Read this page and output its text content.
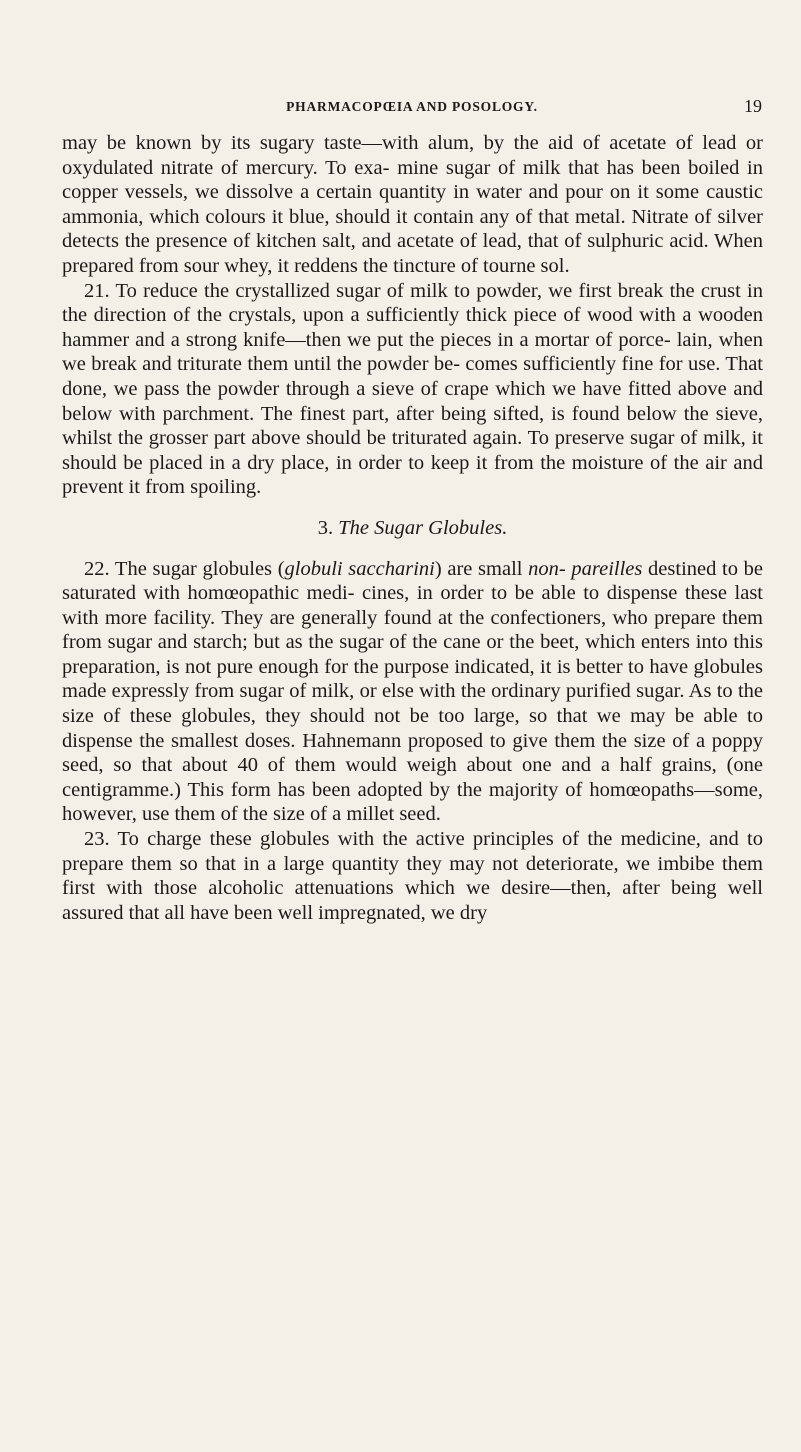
PHARMACOPŒIA AND POSOLOGY.	19

may be known by its sugary taste—with alum, by the aid of acetate of lead or oxydulated nitrate of mercury. To exa- mine sugar of milk that has been boiled in copper vessels, we dissolve a certain quantity in water and pour on it some caustic ammonia, which colours it blue, should it contain any of that metal. Nitrate of silver detects the presence of kitchen salt, and acetate of lead, that of sulphuric acid. When prepared from sour whey, it reddens the tincture of tourne sol.

21. To reduce the crystallized sugar of milk to powder, we first break the crust in the direction of the crystals, upon a sufficiently thick piece of wood with a wooden hammer and a strong knife—then we put the pieces in a mortar of porce- lain, when we break and triturate them until the powder be- comes sufficiently fine for use. That done, we pass the powder through a sieve of crape which we have fitted above and below with parchment. The finest part, after being sifted, is found below the sieve, whilst the grosser part above should be triturated again. To preserve sugar of milk, it should be placed in a dry place, in order to keep it from the moisture of the air and prevent it from spoiling.

3. The Sugar Globules.

22. The sugar globules (globuli saccharini) are small non- pareilles destined to be saturated with homœopathic medi- cines, in order to be able to dispense these last with more facility. They are generally found at the confectioners, who prepare them from sugar and starch; but as the sugar of the cane or the beet, which enters into this preparation, is not pure enough for the purpose indicated, it is better to have globules made expressly from sugar of milk, or else with the ordinary purified sugar. As to the size of these globules, they should not be too large, so that we may be able to dispense the smallest doses. Hahnemann proposed to give them the size of a poppy seed, so that about 40 of them would weigh about one and a half grains, (one centigramme.) This form has been adopted by the majority of homœopaths—some, however, use them of the size of a millet seed.

23. To charge these globules with the active principles of the medicine, and to prepare them so that in a large quantity they may not deteriorate, we imbibe them first with those alcoholic attenuations which we desire—then, after being well assured that all have been well impregnated, we dry
